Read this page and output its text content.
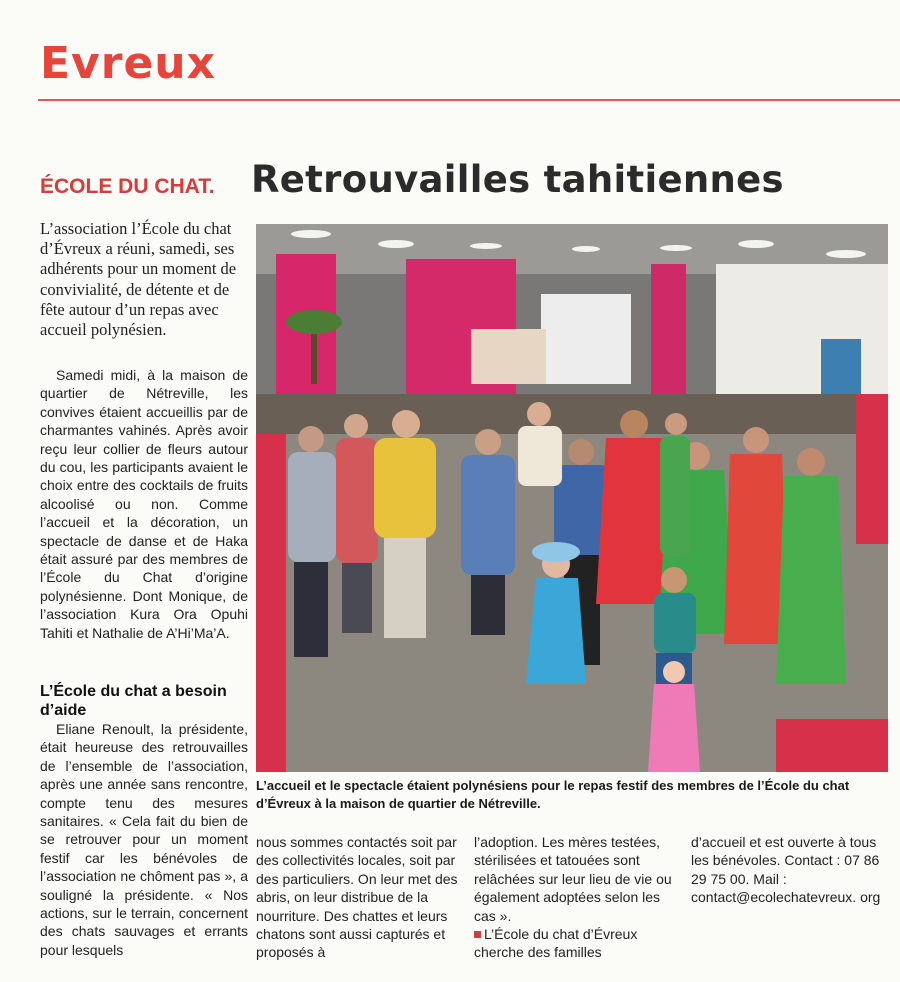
Evreux
ÉCOLE DU CHAT. Retrouvailles tahitiennes
L’association l’École du chat d’Évreux a réuni, samedi, ses adhérents pour un moment de convivialité, de détente et de fête autour d’un repas avec accueil polynésien.
Samedi midi, à la maison de quartier de Nétreville, les convives étaient accueillis par de charmantes vahinés. Après avoir reçu leur collier de fleurs autour du cou, les participants avaient le choix entre des cocktails de fruits alcoolisé ou non. Comme l’accueil et la décoration, un spectacle de danse et de Haka était assuré par des membres de l’École du Chat d’origine polynésienne. Dont Monique, de l’association Kura Ora Opuhi Tahiti et Nathalie de A’Hi’Ma’A.
L’École du chat a besoin d’aide
Eliane Renoult, la présidente, était heureuse des retrouvailles de l’ensemble de l’association, après une année sans rencontre, compte tenu des mesures sanitaires. « Cela fait du bien de se retrouver pour un moment festif car les bénévoles de l’association ne chôment pas », a souligné la présidente. « Nos actions, sur le terrain, concernent des chats sauvages et errants pour lesquels
nous sommes contactés soit par des collectivités locales, soit par des particuliers. On leur met des abris, on leur distribue de la nourriture. Des chattes et leurs chatons sont aussi capturés et proposés à
l’adoption. Les mères testées, stérilisées et tatouées sont relâchées sur leur lieu de vie ou également adoptées selon les cas ».
L’École du chat d’Évreux cherche des familles
d’accueil et est ouverte à tous les bénévoles. Contact : 07 86 29 75 00. Mail : contact@ecolechatevreux. org
L’accueil et le spectacle étaient polynésiens pour le repas festif des membres de l’École du chat d’Évreux à la maison de quartier de Nétreville.
